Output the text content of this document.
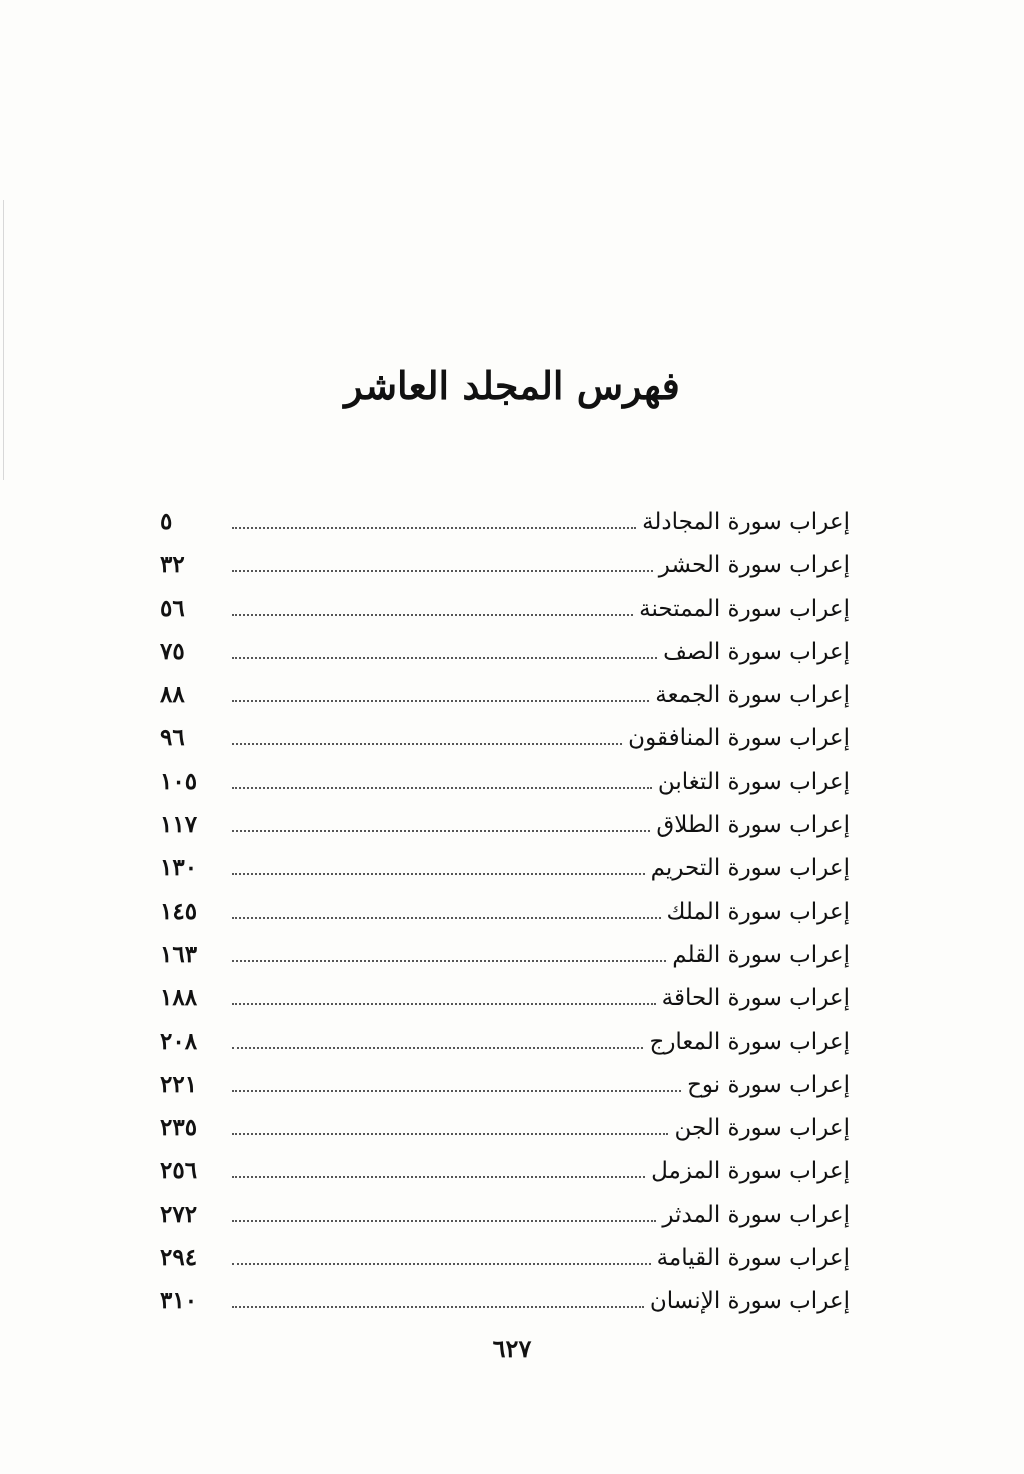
فهرس المجلد العاشر
إعراب سورة المجادلة
٥
إعراب سورة الحشر
٣٢
إعراب سورة الممتحنة
٥٦
إعراب سورة الصف
٧٥
إعراب سورة الجمعة
٨٨
إعراب سورة المنافقون
٩٦
إعراب سورة التغابن
١٠٥
إعراب سورة الطلاق
١١٧
إعراب سورة التحريم
١٣٠
إعراب سورة الملك
١٤٥
إعراب سورة القلم
١٦٣
إعراب سورة الحاقة
١٨٨
إعراب سورة المعارج
٢٠٨
إعراب سورة نوح
٢٢١
إعراب سورة الجن
٢٣٥
إعراب سورة المزمل
٢٥٦
إعراب سورة المدثر
٢٧٢
إعراب سورة القيامة
٢٩٤
إعراب سورة الإنسان
٣١٠
٦٢٧
